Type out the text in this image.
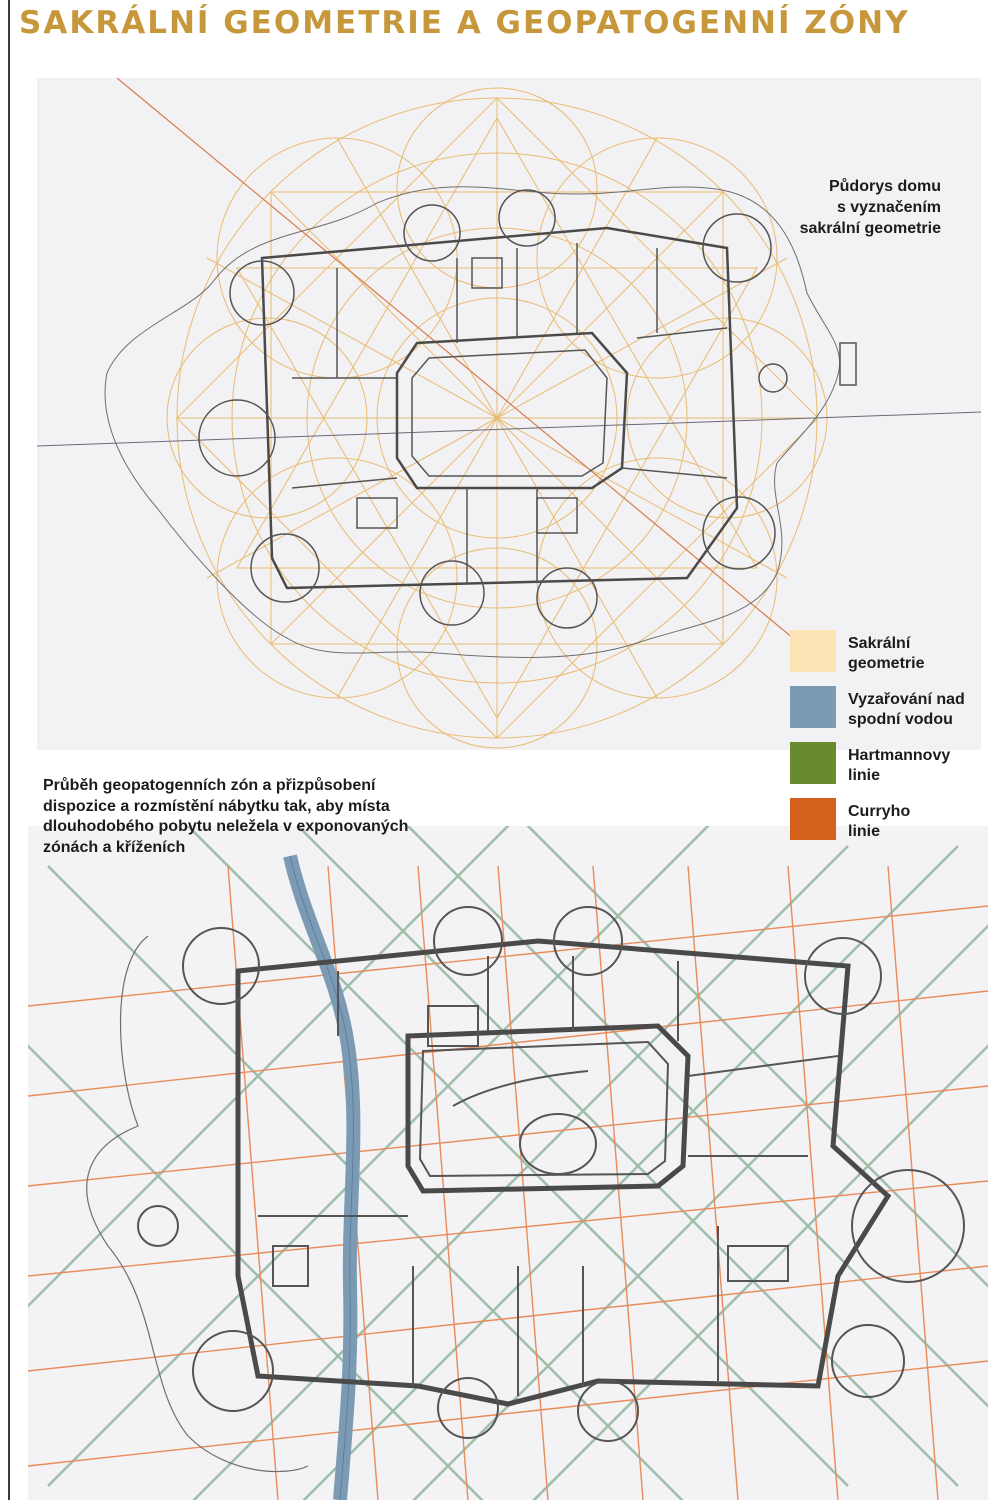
SAKRÁLNÍ GEOMETRIE A GEOPATOGENNÍ ZÓNY
Půdorys domu
s vyznačením
sakrální geometrie
Průběh geopatogenních zón a přizpůsobení
dispozice a rozmístění nábytku tak, aby místa
dlouhodobého pobytu neležela v exponovaných
zónách a kříženích
Sakrální
geometrie
Vyzařování nad
spodní vodou
Hartmannovy
linie
Curryho
linie
